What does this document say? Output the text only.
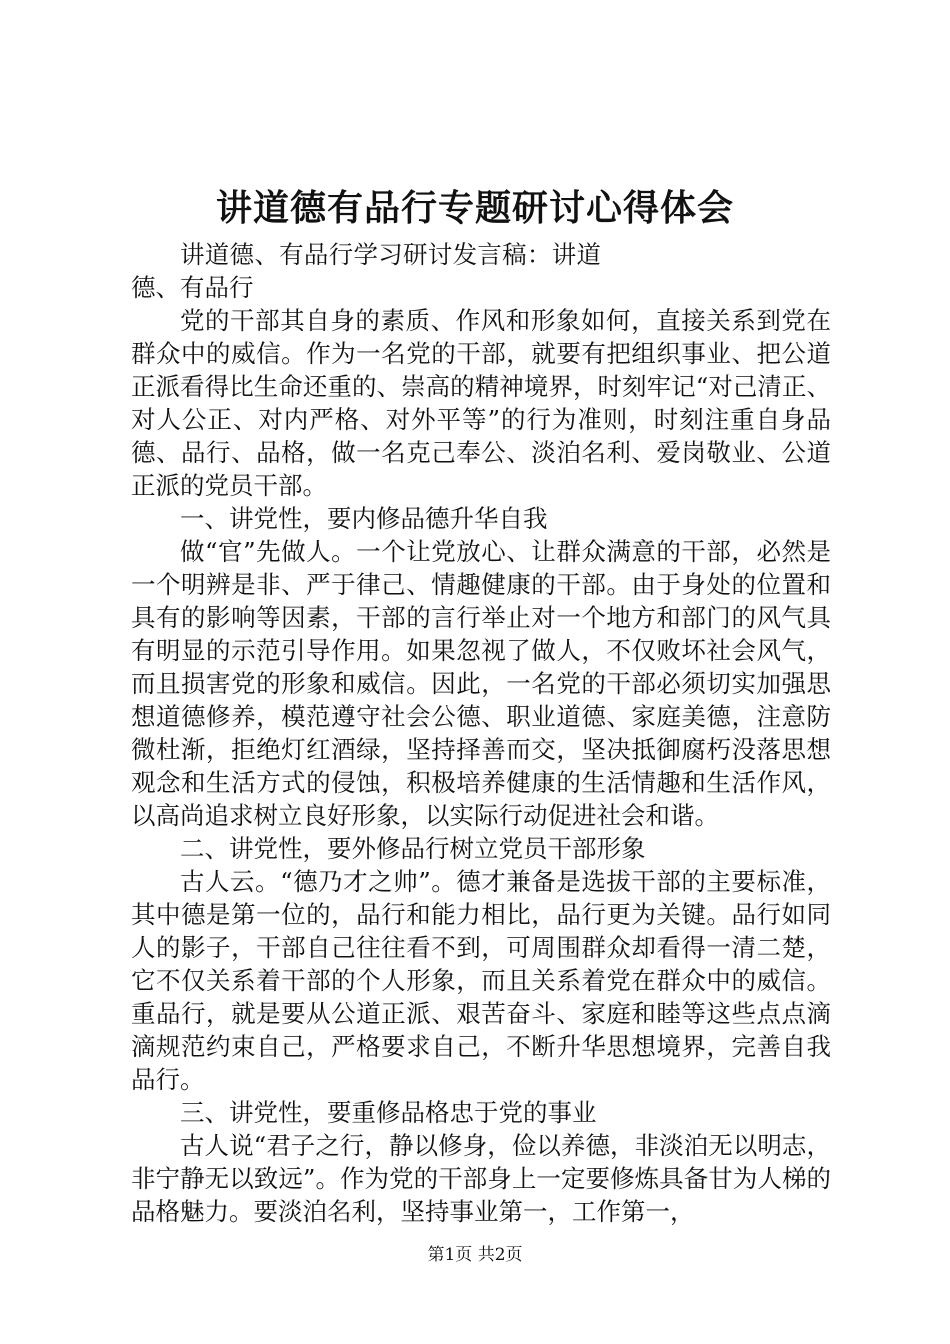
讲道德有品行专题研讨心得体会

讲道德、有品行学习研讨发言稿：讲道德、有品行

党的干部其自身的素质、作风和形象如何，直接关系到党在群众中的威信。作为一名党的干部，就要有把组织事业、把公道正派看得比生命还重的、崇高的精神境界，时刻牢记“对己清正、对人公正、对内严格、对外平等”的行为准则，时刻注重自身品德、品行、品格，做一名克己奉公、淡泊名利、爱岗敬业、公道正派的党员干部。

一、讲党性，要内修品德升华自我

做“官”先做人。一个让党放心、让群众满意的干部，必然是一个明辨是非、严于律己、情趣健康的干部。由于身处的位置和具有的影响等因素，干部的言行举止对一个地方和部门的风气具有明显的示范引导作用。如果忽视了做人，不仅败坏社会风气，而且损害党的形象和威信。因此，一名党的干部必须切实加强思想道德修养，模范遵守社会公德、职业道德、家庭美德，注意防微杜渐，拒绝灯红酒绿，坚持择善而交，坚决抵御腐朽没落思想观念和生活方式的侵蚀，积极培养健康的生活情趣和生活作风，以高尚追求树立良好形象，以实际行动促进社会和谐。

二、讲党性，要外修品行树立党员干部形象

古人云。“德乃才之帅”。德才兼备是选拔干部的主要标准，其中德是第一位的，品行和能力相比，品行更为关键。品行如同人的影子，干部自己往往看不到，可周围群众却看得一清二楚，它不仅关系着干部的个人形象，而且关系着党在群众中的威信。重品行，就是要从公道正派、艰苦奋斗、家庭和睦等这些点点滴滴规范约束自己，严格要求自己，不断升华思想境界，完善自我品行。

三、讲党性，要重修品格忠于党的事业

古人说“君子之行，静以修身，俭以养德，非淡泊无以明志，非宁静无以致远”。作为党的干部身上一定要修炼具备甘为人梯的品格魅力。要淡泊名利，坚持事业第一，工作第一，

第1页 共2页
